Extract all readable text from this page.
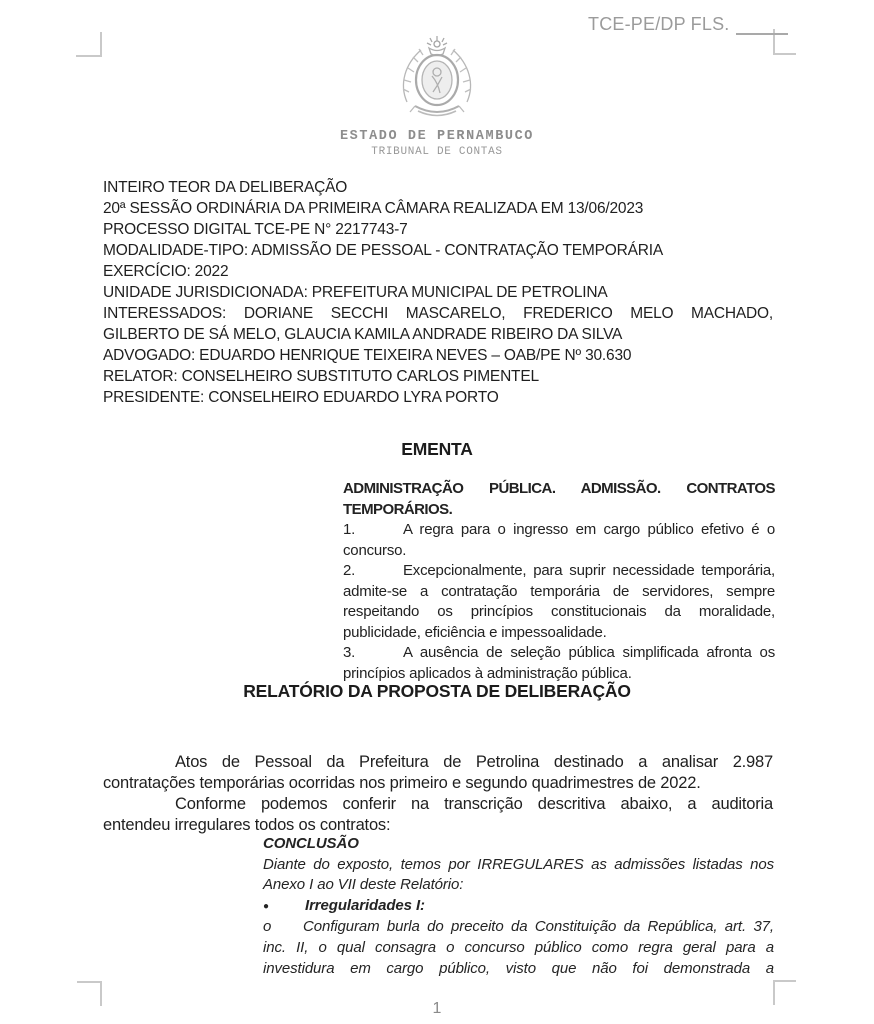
TCE-PE/DP FLS.
ESTADO DE PERNAMBUCO
TRIBUNAL DE CONTAS
INTEIRO TEOR DA DELIBERAÇÃO
20ª SESSÃO ORDINÁRIA DA PRIMEIRA CÂMARA REALIZADA EM 13/06/2023
PROCESSO DIGITAL TCE-PE N° 2217743-7
MODALIDADE-TIPO: ADMISSÃO DE PESSOAL - CONTRATAÇÃO TEMPORÁRIA
EXERCÍCIO: 2022
UNIDADE JURISDICIONADA: PREFEITURA MUNICIPAL DE PETROLINA
INTERESSADOS: DORIANE SECCHI MASCARELO, FREDERICO MELO MACHADO,
GILBERTO DE SÁ MELO, GLAUCIA KAMILA ANDRADE RIBEIRO DA SILVA
ADVOGADO: EDUARDO HENRIQUE TEIXEIRA NEVES – OAB/PE Nº 30.630
RELATOR: CONSELHEIRO SUBSTITUTO CARLOS PIMENTEL
PRESIDENTE: CONSELHEIRO EDUARDO LYRA PORTO
EMENTA
ADMINISTRAÇÃO PÚBLICA. ADMISSÃO. CONTRATOS
TEMPORÁRIOS.
1.	A regra para o ingresso em cargo público efetivo é o
concurso.
2.	Excepcionalmente, para suprir necessidade temporária,
admite-se a contratação temporária de servidores, sempre
respeitando os princípios constitucionais da moralidade,
publicidade, eficiência e impessoalidade.
3.	A ausência de seleção pública simplificada afronta os
princípios aplicados à administração pública.
RELATÓRIO DA PROPOSTA DE DELIBERAÇÃO
Atos de Pessoal da Prefeitura de Petrolina destinado a analisar 2.987
contratações temporárias ocorridas nos primeiro e segundo quadrimestres de 2022.
Conforme podemos conferir na transcrição descritiva abaixo, a auditoria
entendeu irregulares todos os contratos:
CONCLUSÃO
Diante do exposto, temos por IRREGULARES as admissões listadas nos
Anexo I ao VII deste Relatório:
● Irregularidades I:
o Configuram burla do preceito da Constituição da República, art. 37,
inc. II, o qual consagra o concurso público como regra geral para a
investidura em cargo público, visto que não foi demonstrada a
1
